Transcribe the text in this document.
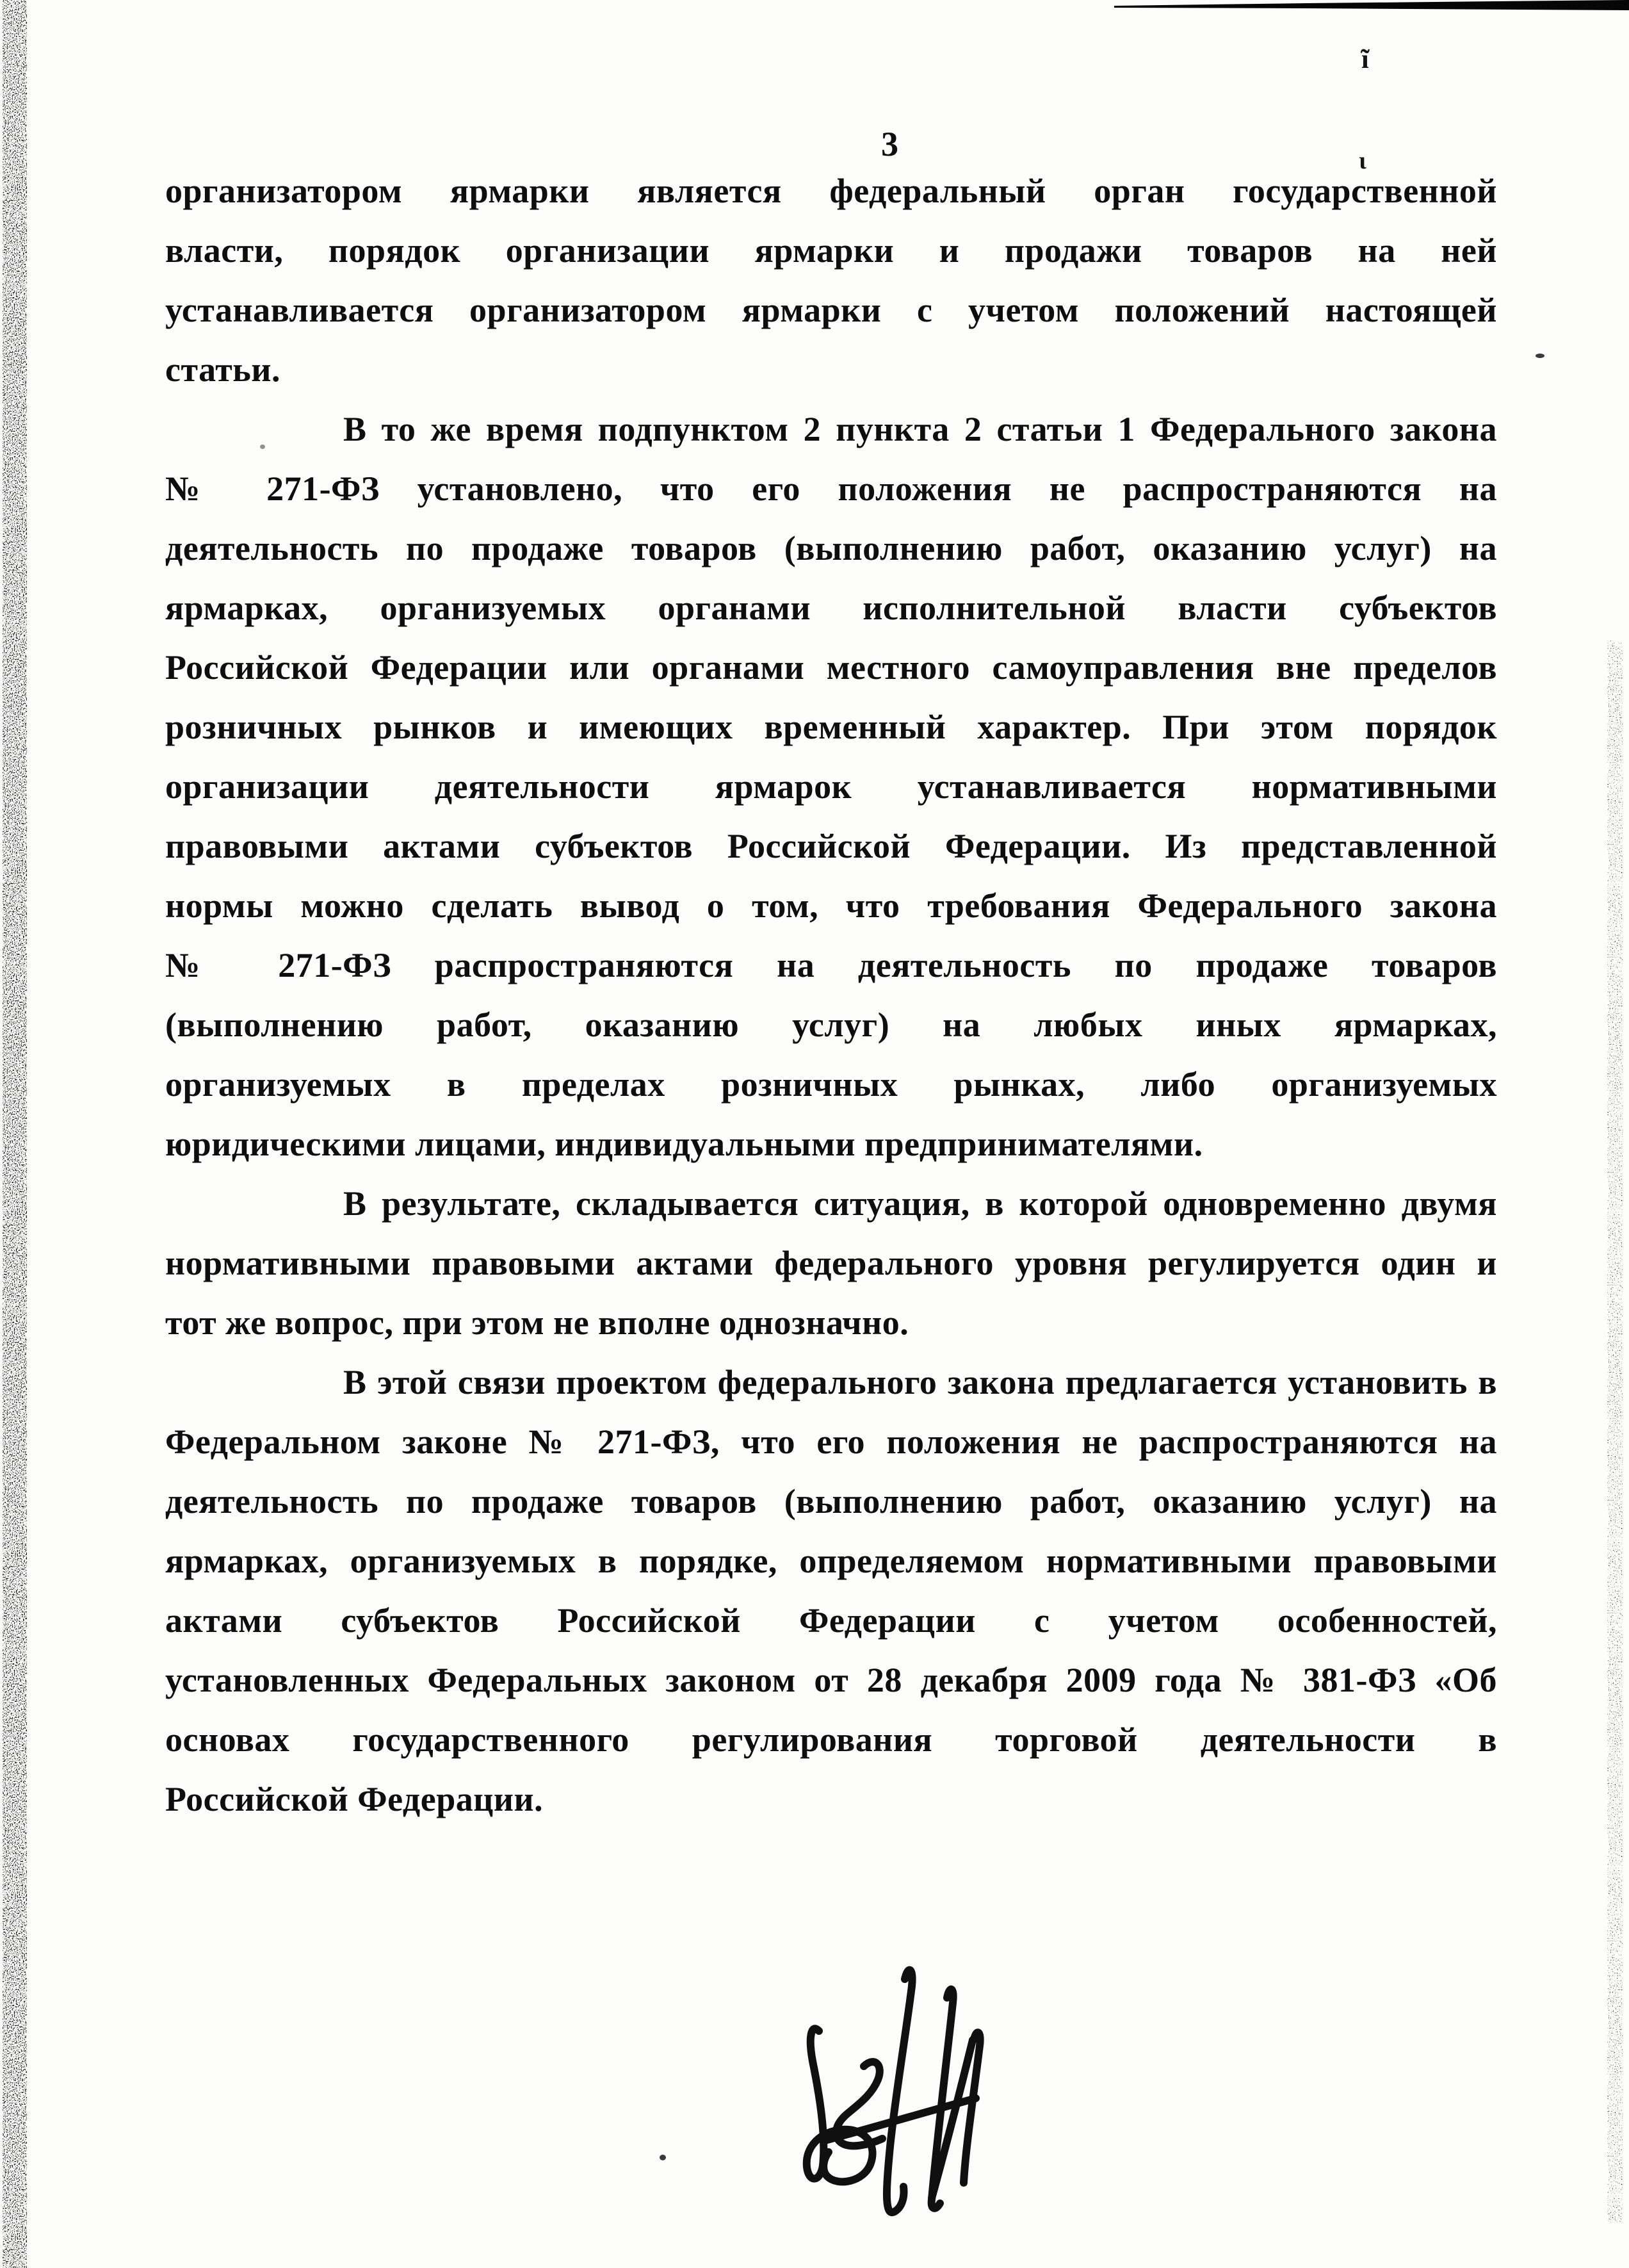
ĩ
ι
3
организатором ярмарки является федеральный орган государственной
власти, порядок организации ярмарки и продажи товаров на ней
устанавливается организатором ярмарки с учетом положений настоящей
статьи.
В то же время подпунктом 2 пункта 2 статьи 1 Федерального закона
№ 271-ФЗ установлено, что его положения не распространяются на
деятельность по продаже товаров (выполнению работ, оказанию услуг) на
ярмарках, организуемых органами исполнительной власти субъектов
Российской Федерации или органами местного самоуправления вне пределов
розничных рынков и имеющих временный характер. При этом порядок
организации деятельности ярмарок устанавливается нормативными
правовыми актами субъектов Российской Федерации. Из представленной
нормы можно сделать вывод о том, что требования Федерального закона
№ 271-ФЗ распространяются на деятельность по продаже товаров
(выполнению работ, оказанию услуг) на любых иных ярмарках,
организуемых в пределах розничных рынках, либо организуемых
юридическими лицами, индивидуальными предпринимателями.
В результате, складывается ситуация, в которой одновременно двумя
нормативными правовыми актами федерального уровня регулируется один и
тот же вопрос, при этом не вполне однозначно.
В этой связи проектом федерального закона предлагается установить в
Федеральном законе № 271-ФЗ, что его положения не распространяются на
деятельность по продаже товаров (выполнению работ, оказанию услуг) на
ярмарках, организуемых в порядке, определяемом нормативными правовыми
актами субъектов Российской Федерации с учетом особенностей,
установленных Федеральных законом от 28 декабря 2009 года № 381-ФЗ «Об
основах государственного регулирования торговой деятельности в
Российской Федерации.
